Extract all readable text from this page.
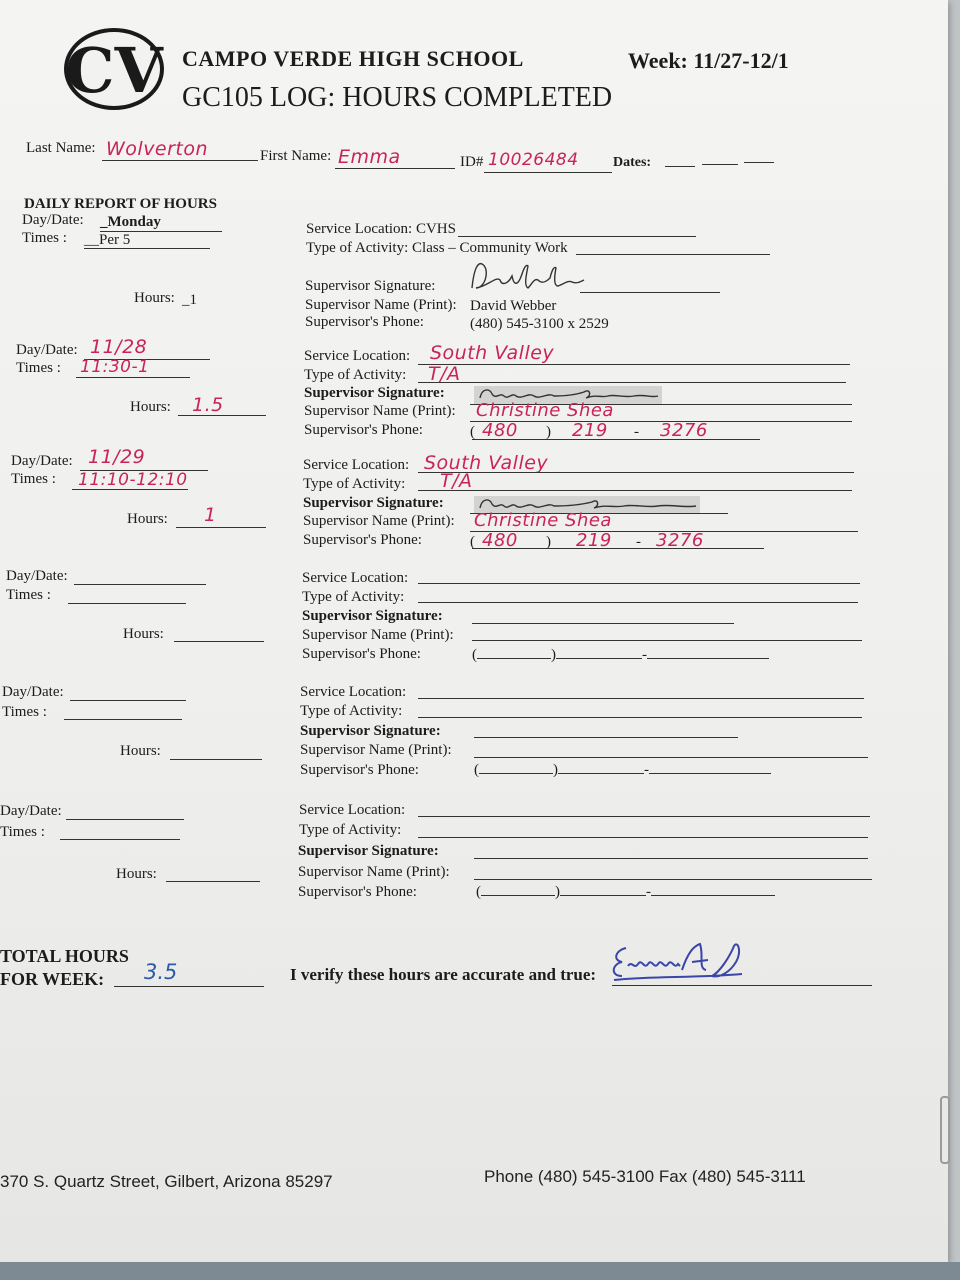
CV CAMPO VERDE HIGH SCHOOL
GC105 LOG: HOURS COMPLETED
Week: 11/27-12/1
Last Name: Wolverton	First Name: Emma	ID# 10026484 Dates:
DAILY REPORT OF HOURS
Day/Date: _Monday
Times : __Per 5
Hours: _1
Service Location: CVHS
Type of Activity: Class – Community Work
Supervisor Signature:
Supervisor Name (Print): David Webber
Supervisor's Phone:	(480) 545-3100 x 2529
Day/Date: 11/28
Times : 11:30-1
Hours: 1.5
Service Location: South Valley
Type of Activity: T/A
Supervisor Signature:
Supervisor Name (Print): Christine Shea
Supervisor's Phone:	( 480 ) 219 - 3276
Day/Date: 11/29
Times : 11:10-12:10
Hours: 1
Service Location: South Valley
Type of Activity: T/A
Supervisor Signature:
Supervisor Name (Print): Christine Shea
Supervisor's Phone:	( 480 ) 219 - 3276
Day/Date:
Times :
Hours:
Service Location:
Type of Activity:
Supervisor Signature:
Supervisor Name (Print):
Supervisor's Phone:	(	)	-
Day/Date:
Times :
Hours:
Service Location:
Type of Activity:
Supervisor Signature:
Supervisor Name (Print):
Supervisor's Phone:	(	)	-
Day/Date:
Times :
Hours:
Service Location:
Type of Activity:
Supervisor Signature:
Supervisor Name (Print):
Supervisor's Phone:	(	)	-
TOTAL HOURS
FOR WEEK: 3.5	I verify these hours are accurate and true:
370 S. Quartz Street, Gilbert, Arizona 85297	Phone (480) 545-3100 Fax (480) 545-3111
